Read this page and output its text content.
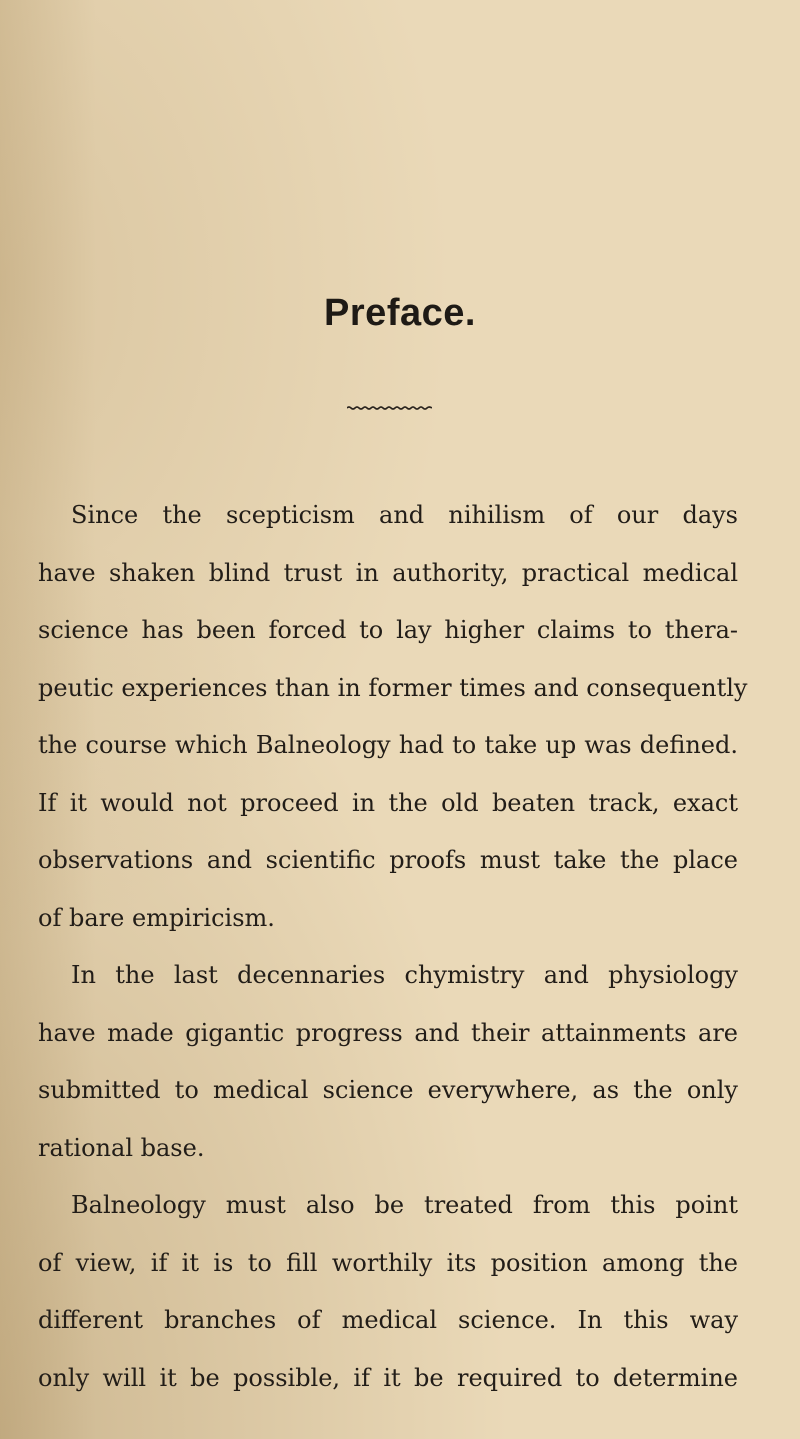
Preface.
Since the scepticism and nihilism of our days
have shaken blind trust in authority, practical medical
science has been forced to lay higher claims to thera-
peutic experiences than in former times and consequently
the course which Balneology had to take up was defined.
If it would not proceed in the old beaten track, exact
observations and scientific proofs must take the place
of bare empiricism.
In the last decennaries chymistry and physiology
have made gigantic progress and their attainments are
submitted to medical science everywhere, as the only
rational base.
Balneology must also be treated from this point
of view, if it is to fill worthily its position among the
different branches of medical science. In this way
only will it be possible, if it be required to determine
